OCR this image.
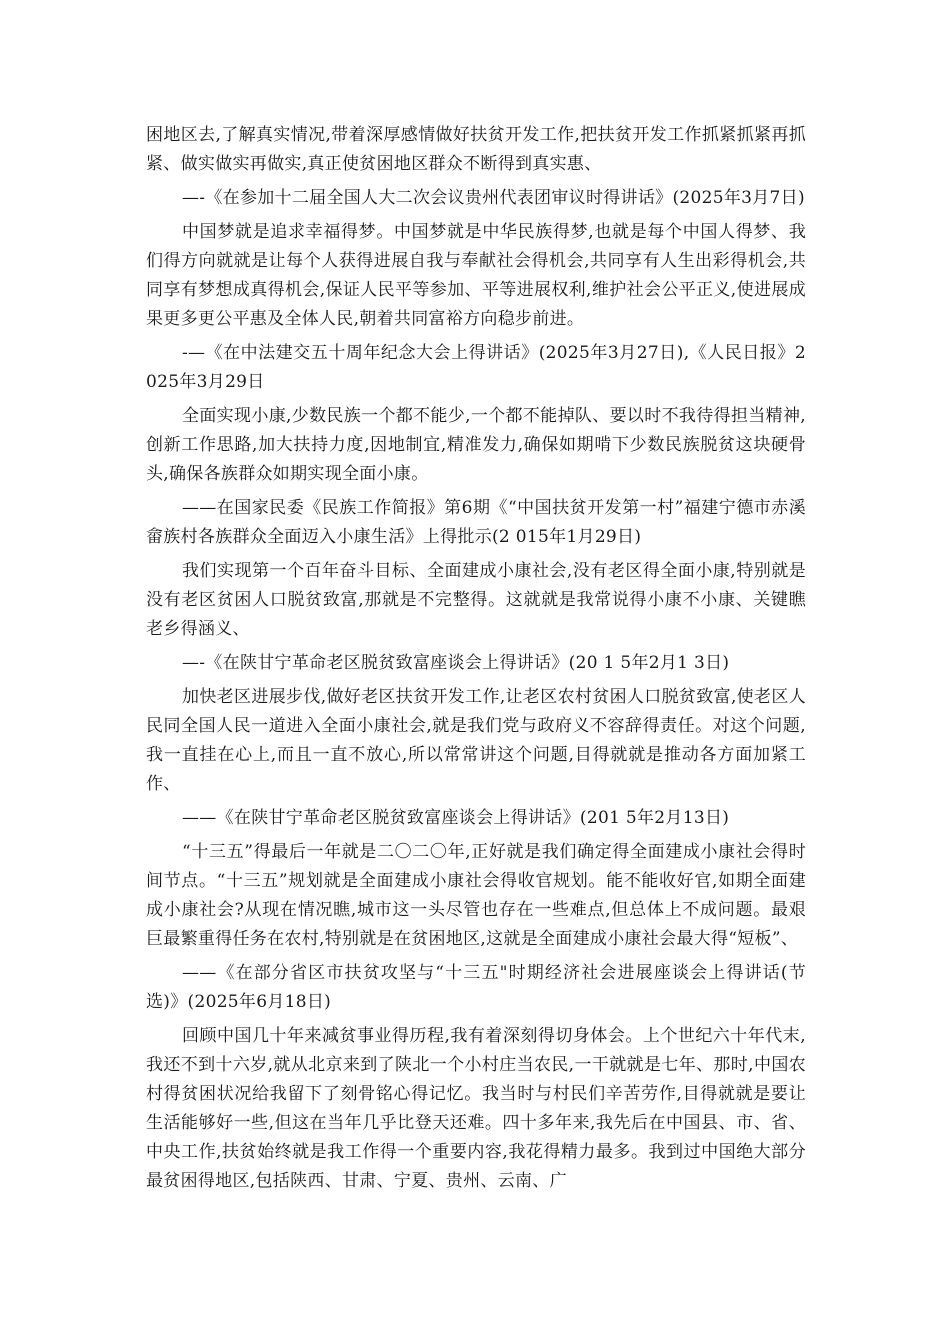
困地区去,了解真实情况,带着深厚感情做好扶贫开发工作,把扶贫开发工作抓紧抓紧再抓紧、做实做实再做实,真正使贫困地区群众不断得到真实惠、

—-《在参加十二届全国人大二次会议贵州代表团审议时得讲话》(2025年3月7日)

中国梦就是追求幸福得梦。中国梦就是中华民族得梦,也就是每个中国人得梦、我们得方向就就是让每个人获得进展自我与奉献社会得机会,共同享有人生出彩得机会,共同享有梦想成真得机会,保证人民平等参加、平等进展权利,维护社会公平正义,使进展成果更多更公平惠及全体人民,朝着共同富裕方向稳步前进。

-—《在中法建交五十周年纪念大会上得讲话》(2025年3月27日),《人民日报》2025年3月29日

全面实现小康,少数民族一个都不能少,一个都不能掉队、要以时不我待得担当精神,创新工作思路,加大扶持力度,因地制宜,精准发力,确保如期啃下少数民族脱贫这块硬骨头,确保各族群众如期实现全面小康。

——在国家民委《民族工作简报》第6期《“中国扶贫开发第一村”福建宁德市赤溪畲族村各族群众全面迈入小康生活》上得批示(2 015年1月29日)

我们实现第一个百年奋斗目标、全面建成小康社会,没有老区得全面小康,特别就是没有老区贫困人口脱贫致富,那就是不完整得。这就就是我常说得小康不小康、关键瞧老乡得涵义、

—-《在陕甘宁革命老区脱贫致富座谈会上得讲话》(20 1 5年2月1 3日)

加快老区进展步伐,做好老区扶贫开发工作,让老区农村贫困人口脱贫致富,使老区人民同全国人民一道进入全面小康社会,就是我们党与政府义不容辞得责任。对这个问题,我一直挂在心上,而且一直不放心,所以常常讲这个问题,目得就就是推动各方面加紧工作、

——《在陕甘宁革命老区脱贫致富座谈会上得讲话》(201 5年2月13日)

“十三五”得最后一年就是二〇二〇年,正好就是我们确定得全面建成小康社会得时间节点。“十三五”规划就是全面建成小康社会得收官规划。能不能收好官,如期全面建成小康社会?从现在情况瞧,城市这一头尽管也存在一些难点,但总体上不成问题。最艰巨最繁重得任务在农村,特别就是在贫困地区,这就是全面建成小康社会最大得“短板”、

——《在部分省区市扶贫攻坚与“十三五"时期经济社会进展座谈会上得讲话(节选)》(2025年6月18日)

回顾中国几十年来减贫事业得历程,我有着深刻得切身体会。上个世纪六十年代末,我还不到十六岁,就从北京来到了陕北一个小村庄当农民,一干就就是七年、那时,中国农村得贫困状况给我留下了刻骨铭心得记忆。我当时与村民们辛苦劳作,目得就就是要让生活能够好一些,但这在当年几乎比登天还难。四十多年来,我先后在中国县、市、省、中央工作,扶贫始终就是我工作得一个重要内容,我花得精力最多。我到过中国绝大部分最贫困得地区,包括陕西、甘肃、宁夏、贵州、云南、广
